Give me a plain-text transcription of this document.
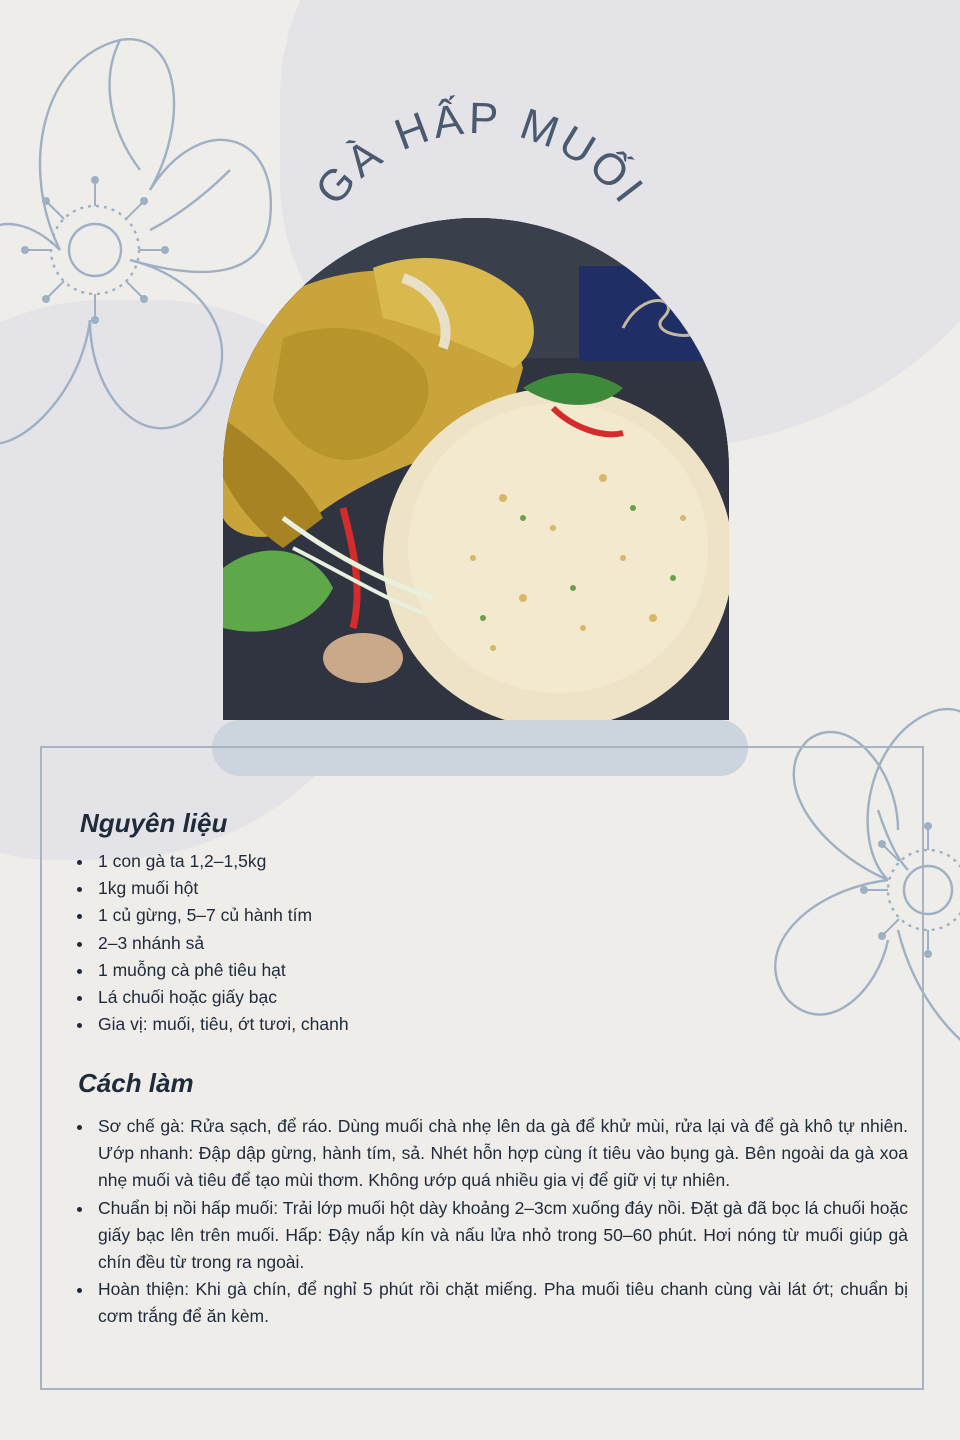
GÀ HẤP MUỐI
Nguyên liệu
• 1 con gà ta 1,2–1,5kg
• 1kg muối hột
• 1 củ gừng, 5–7 củ hành tím
• 2–3 nhánh sả
• 1 muỗng cà phê tiêu hạt
• Lá chuối hoặc giấy bạc
• Gia vị: muối, tiêu, ớt tươi, chanh
Cách làm
• Sơ chế gà: Rửa sạch, để ráo. Dùng muối chà nhẹ lên da gà để khử mùi, rửa lại và để gà khô tự nhiên. Ướp nhanh: Đập dập gừng, hành tím, sả. Nhét hỗn hợp cùng ít tiêu vào bụng gà. Bên ngoài da gà xoa nhẹ muối và tiêu để tạo mùi thơm. Không ướp quá nhiều gia vị để giữ vị tự nhiên.
• Chuẩn bị nồi hấp muối: Trải lớp muối hột dày khoảng 2–3cm xuống đáy nồi. Đặt gà đã bọc lá chuối hoặc giấy bạc lên trên muối. Hấp: Đậy nắp kín và nấu lửa nhỏ trong 50–60 phút. Hơi nóng từ muối giúp gà chín đều từ trong ra ngoài.
• Hoàn thiện: Khi gà chín, để nghỉ 5 phút rồi chặt miếng. Pha muối tiêu chanh cùng vài lát ớt; chuẩn bị cơm trắng để ăn kèm.
